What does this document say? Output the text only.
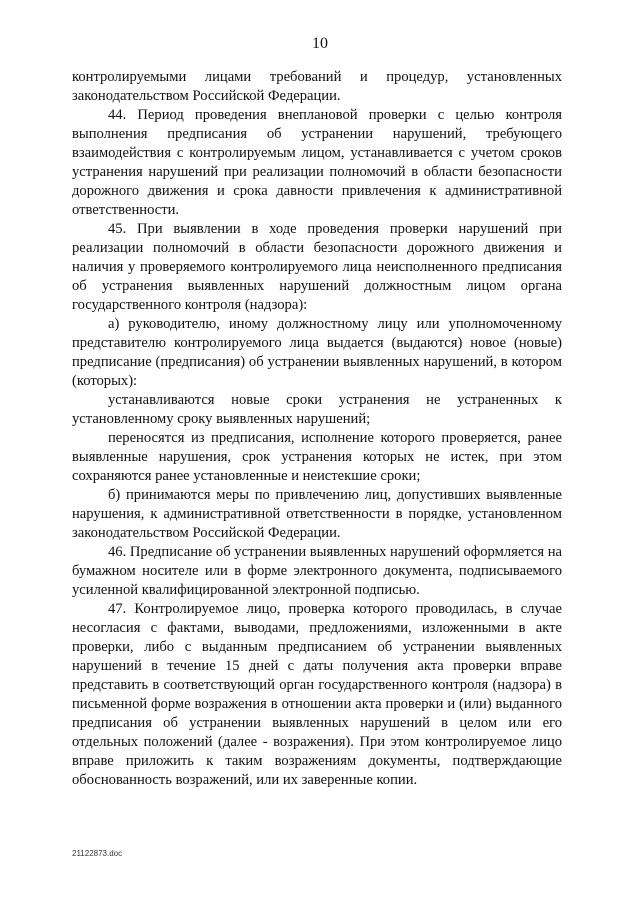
10

контролируемыми лицами требований и процедур, установленных законодательством Российской Федерации.

44. Период проведения внеплановой проверки с целью контроля выполнения предписания об устранении нарушений, требующего взаимодействия с контролируемым лицом, устанавливается с учетом сроков устранения нарушений при реализации полномочий в области безопасности дорожного движения и срока давности привлечения к административной ответственности.

45. При выявлении в ходе проведения проверки нарушений при реализации полномочий в области безопасности дорожного движения и наличия у проверяемого контролируемого лица неисполненного предписания об устранения выявленных нарушений должностным лицом органа государственного контроля (надзора):

а) руководителю, иному должностному лицу или уполномоченному представителю контролируемого лица выдается (выдаются) новое (новые) предписание (предписания) об устранении выявленных нарушений, в котором (которых):

устанавливаются новые сроки устранения не устраненных к установленному сроку выявленных нарушений;

переносятся из предписания, исполнение которого проверяется, ранее выявленные нарушения, срок устранения которых не истек, при этом сохраняются ранее установленные и неистекшие сроки;

б) принимаются меры по привлечению лиц, допустивших выявленные нарушения, к административной ответственности в порядке, установленном законодательством Российской Федерации.

46. Предписание об устранении выявленных нарушений оформляется на бумажном носителе или в форме электронного документа, подписываемого усиленной квалифицированной электронной подписью.

47. Контролируемое лицо, проверка которого проводилась, в случае несогласия с фактами, выводами, предложениями, изложенными в акте проверки, либо с выданным предписанием об устранении выявленных нарушений в течение 15 дней с даты получения акта проверки вправе представить в соответствующий орган государственного контроля (надзора) в письменной форме возражения в отношении акта проверки и (или) выданного предписания об устранении выявленных нарушений в целом или его отдельных положений (далее - возражения). При этом контролируемое лицо вправе приложить к таким возражениям документы, подтверждающие обоснованность возражений, или их заверенные копии.

21122873.doc
